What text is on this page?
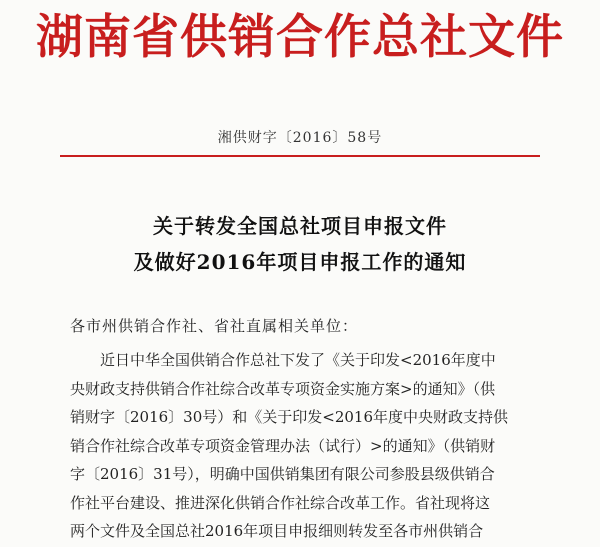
湖南省供销合作总社文件
湘供财字〔2016〕58号
关于转发全国总社项目申报文件
及做好2016年项目申报工作的通知
各市州供销合作社、省社直属相关单位：
近日中华全国供销合作总社下发了《关于印发<2016年度中
央财政支持供销合作社综合改革专项资金实施方案>的通知》（供
销财字〔2016〕30号）和《关于印发<2016年度中央财政支持供
销合作社综合改革专项资金管理办法（试行）>的通知》（供销财
字〔2016〕31号），明确中国供销集团有限公司参股县级供销合
作社平台建设、推进深化供销合作社综合改革工作。省社现将这
两个文件及全国总社2016年项目申报细则转发至各市州供销合
